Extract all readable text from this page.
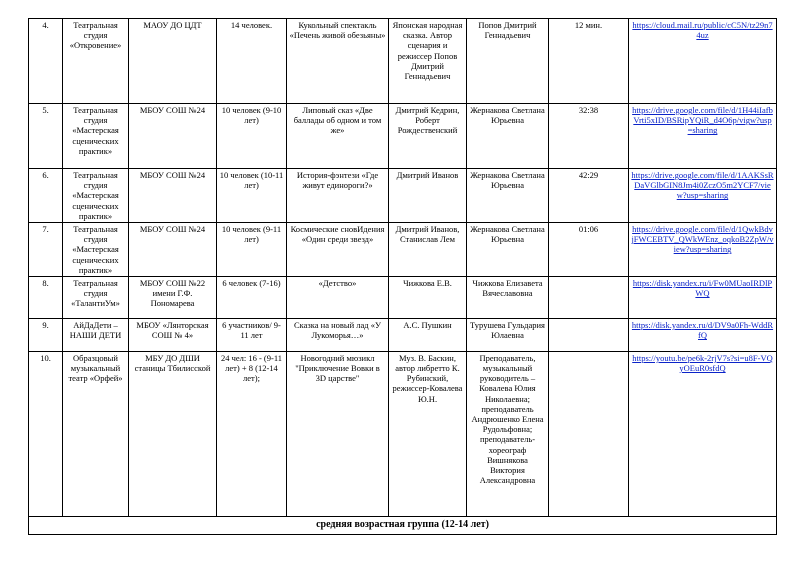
4.	Театральная студия «Откровение»	МАОУ ДО ЦДТ	14 человек.	Кукольный спектакль «Печень живой обезьяны»	Японская народная сказка. Автор сценария и режиссер Попов Дмитрий Геннадьевич	Попов Дмитрий Геннадьевич	12 мин.	https://cloud.mail.ru/public/cC5N/tz29n74uz
5.	Театральная студия «Мастерская сценических практик»	МБОУ СОШ №24	10 человек (9-10 лет)	Липовый сказ «Две баллады об одном и том же»	Дмитрий Кедрин, Роберт Рождественский	Жернакова Светлана Юрьевна	32:38	https://drive.google.com/file/d/1H44iIafbVrti5xID/BSRipYQiR_d4O6p/vigw?usp=sharing
6.	Театральная студия «Мастерская сценических практик»	МБОУ СОШ №24	10 человек (10-11 лет)	История-фэнтези «Где живут единороги?»	Дмитрий Иванов	Жернакова Светлана Юрьевна	42:29	https://drive.google.com/file/d/1AAKSsRDaVGlbGIN8Jm4i0ZczO5m2YCF7/view?usp=sharing
7.	Театральная студия «Мастерская сценических практик»	МБОУ СОШ №24	10 человек (9-11 лет)	Космические сновИдения «Один среди звезд»	Дмитрий Иванов, Станислав Лем	Жернакова Светлана Юрьевна	01:06	https://drive.google.com/file/d/1QwkBdvjFWCEBTV_QWkWEnz_oqkoB2ZpW/view?usp=sharing
8.	Театральная студия «ТалантиУм»	МБОУ СОШ №22 имени Г.Ф. Пономарева	6 человек (7-16)	«Детство»	Чижкова Е.В.	Чижкова Елизавета Вячеславовна		https://disk.yandex.ru/i/Fw0MUaoIRDlPWQ
9.	АйДаДети – НАШИ ДЕТИ	МБОУ «Лянторская СОШ № 4»	6 участников/ 9-11 лет	Сказка на новый лад «У Лукоморья…»	А.С. Пушкин	Турушева Гульдария Юлаевна		https://disk.yandex.ru/d/DV9a0Fh-WddRfQ
10.	Образцовый музыкальный театр «Орфей»	МБУ ДО ДШИ станицы Тбилисской	24 чел: 16 - (9-11 лет) + 8 (12-14 лет);	Новогодний мюзикл "Приключение Вовки в 3D царстве"	Муз. В. Баскин, автор либретто К. Рубинский, режиссер-Ковалева Ю.Н.	Преподаватель, музыкальный руководитель – Ковалева Юлия Николаевна; преподаватель Андрюшенко Елена Рудольфовна; преподаватель-хореограф Вишнякова Виктория Александровна		https://youtu.be/pe6k-2rjV7s?si=u8F-VQyOEuR0sfdQ
средняя возрастная группа (12-14 лет)								
